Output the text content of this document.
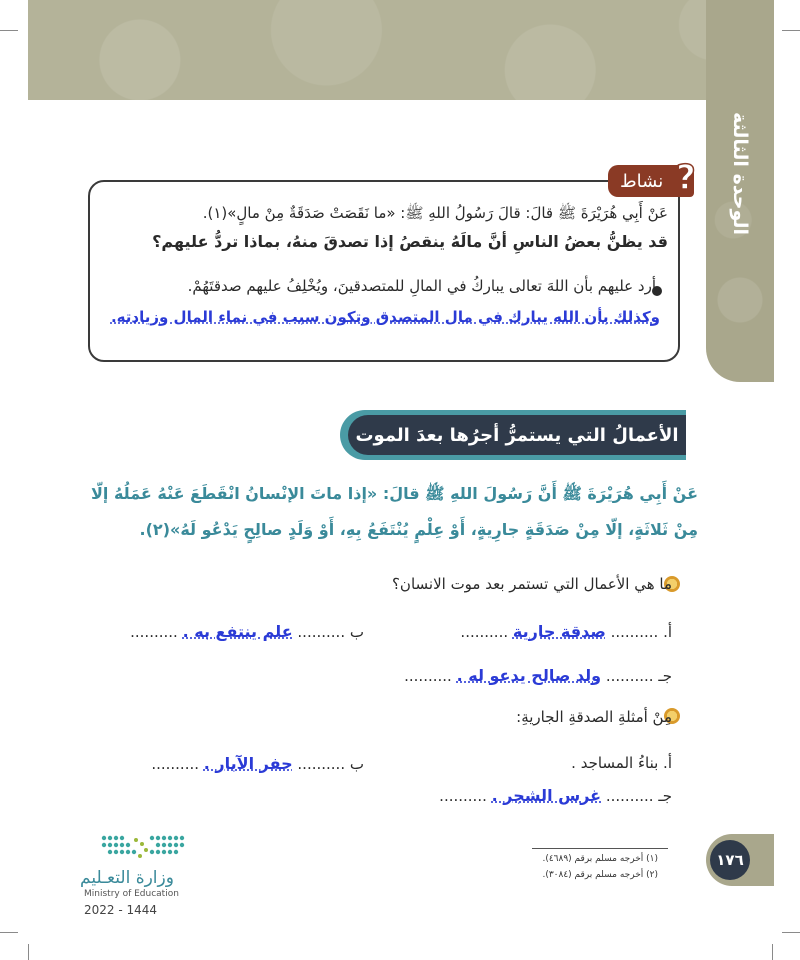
الوحدة الثالثة
نشاط ?
عَنْ أَبِي هُرَيْرَةَ ﷺ قالَ: قالَ رَسُولُ اللهِ ﷺ: «ما نَقَصَتْ صَدَقَةٌ مِنْ مالٍ»(١).
قد يظنُّ بعضُ الناسِ أنَّ مالَهُ ينقصُ إذا تصدقَ منهُ، بماذا تردُّ عليهم؟
أرد عليهم بأن اللهَ تعالى يباركُ في المالِ للمتصدقينَ، ويُخْلِفُ عليهم صدقتَهُمْ.
وكذلك بأن الله يبارك في مال المتصدق وتكون سبب في نماء المال وزيادته.
الأعمالُ التي يستمرُّ أجرُها بعدَ الموت
عَنْ أَبِي هُرَيْرَةَ ﷺ أَنَّ رَسُولَ اللهِ ﷺ قالَ: «إذا ماتَ الإنْسانُ انْقَطَعَ عَنْهُ عَمَلُهُ إلّا
مِنْ ثَلاثَةٍ، إلّا مِنْ صَدَقَةٍ جارِيةٍ، أَوْ عِلْمٍ يُنْتَفَعُ بِهِ، أَوْ وَلَدٍ صالِحٍ يَدْعُو لَهُ»(٢).
ما هي الأعمال التي تستمر بعد موت الانسان؟
أ. .......... صدقة جارية ..........
ب .......... علم ينتفع به . ..........
جـ .......... ولد صالح يدعو له . ..........
مِنْ أمثلةِ الصدقةِ الجاريةِ:
أ. بناءُ المساجد .
ب .......... حفر الآبار . ..........
جـ .......... غرس الشجر . ..........
وزارة التعـليم
Ministry of Education
2022 - 1444
(١) أخرجه مسلم برقم (٤٦٨٩).
(٢) أخرجه مسلم برقم (٣٠٨٤).
١٧٦
